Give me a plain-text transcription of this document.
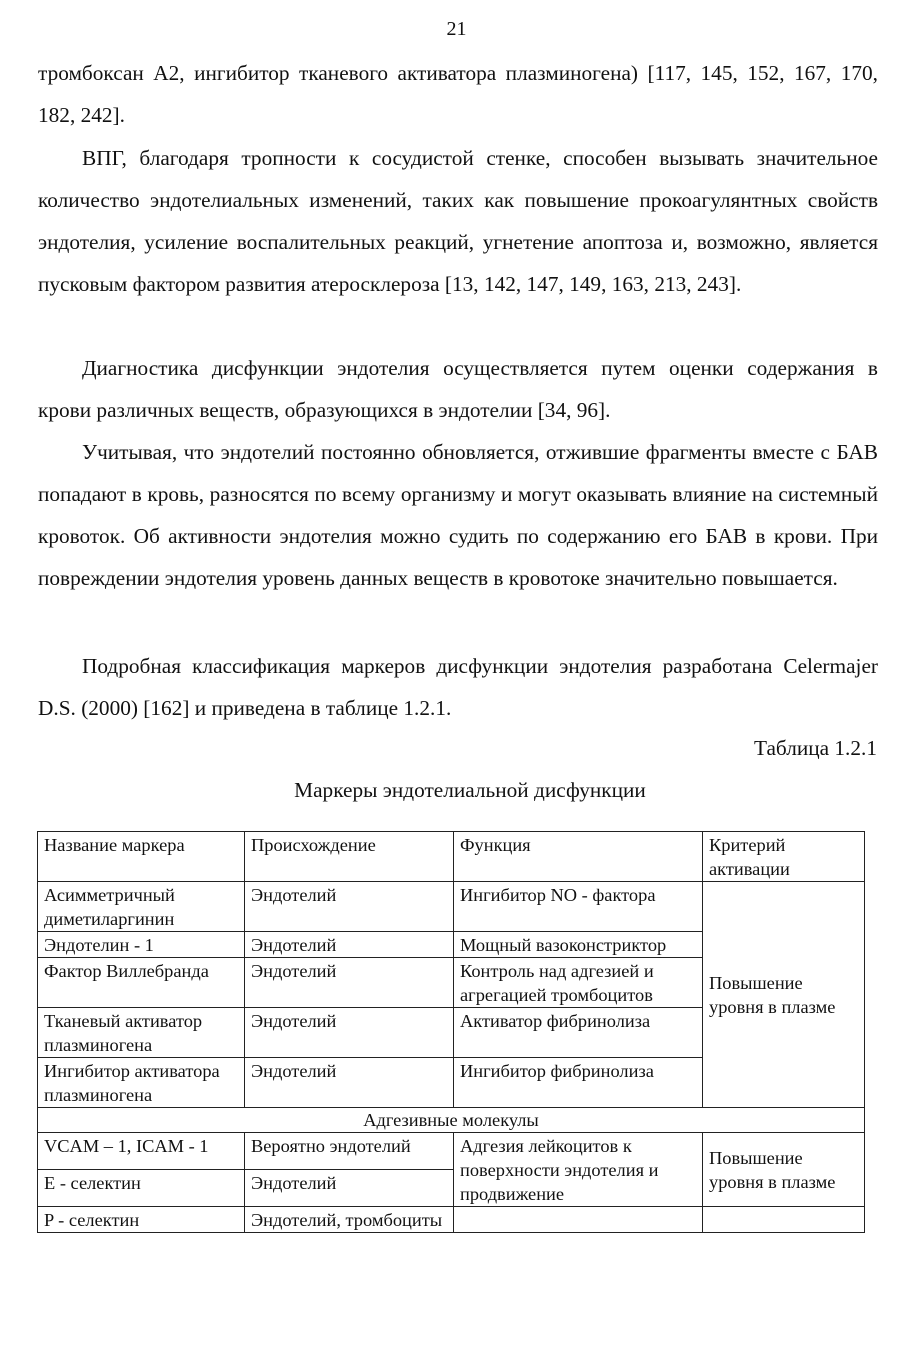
21

тромбоксан А2, ингибитор тканевого активатора плазминогена) [117, 145, 152, 167, 170, 182, 242].

ВПГ, благодаря тропности к сосудистой стенке, способен вызывать значительное количество эндотелиальных изменений, таких как повышение прокоагулянтных свойств эндотелия, усиление воспалительных реакций, угнетение апоптоза и, возможно, является пусковым фактором развития атеросклероза [13, 142, 147, 149, 163, 213, 243].

Диагностика дисфункции эндотелия осуществляется путем оценки содержания в крови различных веществ, образующихся в эндотелии [34, 96].

Учитывая, что эндотелий постоянно обновляется, отжившие фрагменты вместе с БАВ попадают в кровь, разносятся по всему организму и могут оказывать влияние на системный кровоток. Об активности эндотелия можно судить по содержанию его БАВ в крови. При повреждении эндотелия уровень данных веществ в кровотоке значительно повышается.

Подробная классификация маркеров дисфункции эндотелия разработана Celermajer D.S. (2000) [162] и приведена в таблице 1.2.1.

Таблица 1.2.1
Маркеры эндотелиальной дисфункции
Название маркера	Происхождение	Функция	Критерий активации
Асимметричный диметиларгинин	Эндотелий	Ингибитор NO - фактора	Повышение уровня в плазме
Эндотелин - 1	Эндотелий	Мощный вазоконстриктор	
Фактор Виллебранда	Эндотелий	Контроль над адгезией и агрегацией тромбоцитов	
Тканевый активатор плазминогена	Эндотелий	Активатор фибринолиза	
Ингибитор активатора плазминогена	Эндотелий	Ингибитор фибринолиза	
Адгезивные молекулы			
VCAM – 1, ICAM - 1	Вероятно эндотелий	Адгезия лейкоцитов к поверхности эндотелия и продвижение	Повышение уровня в плазме
E - селектин	Эндотелий		
P - селектин	Эндотелий, тромбоциты		
